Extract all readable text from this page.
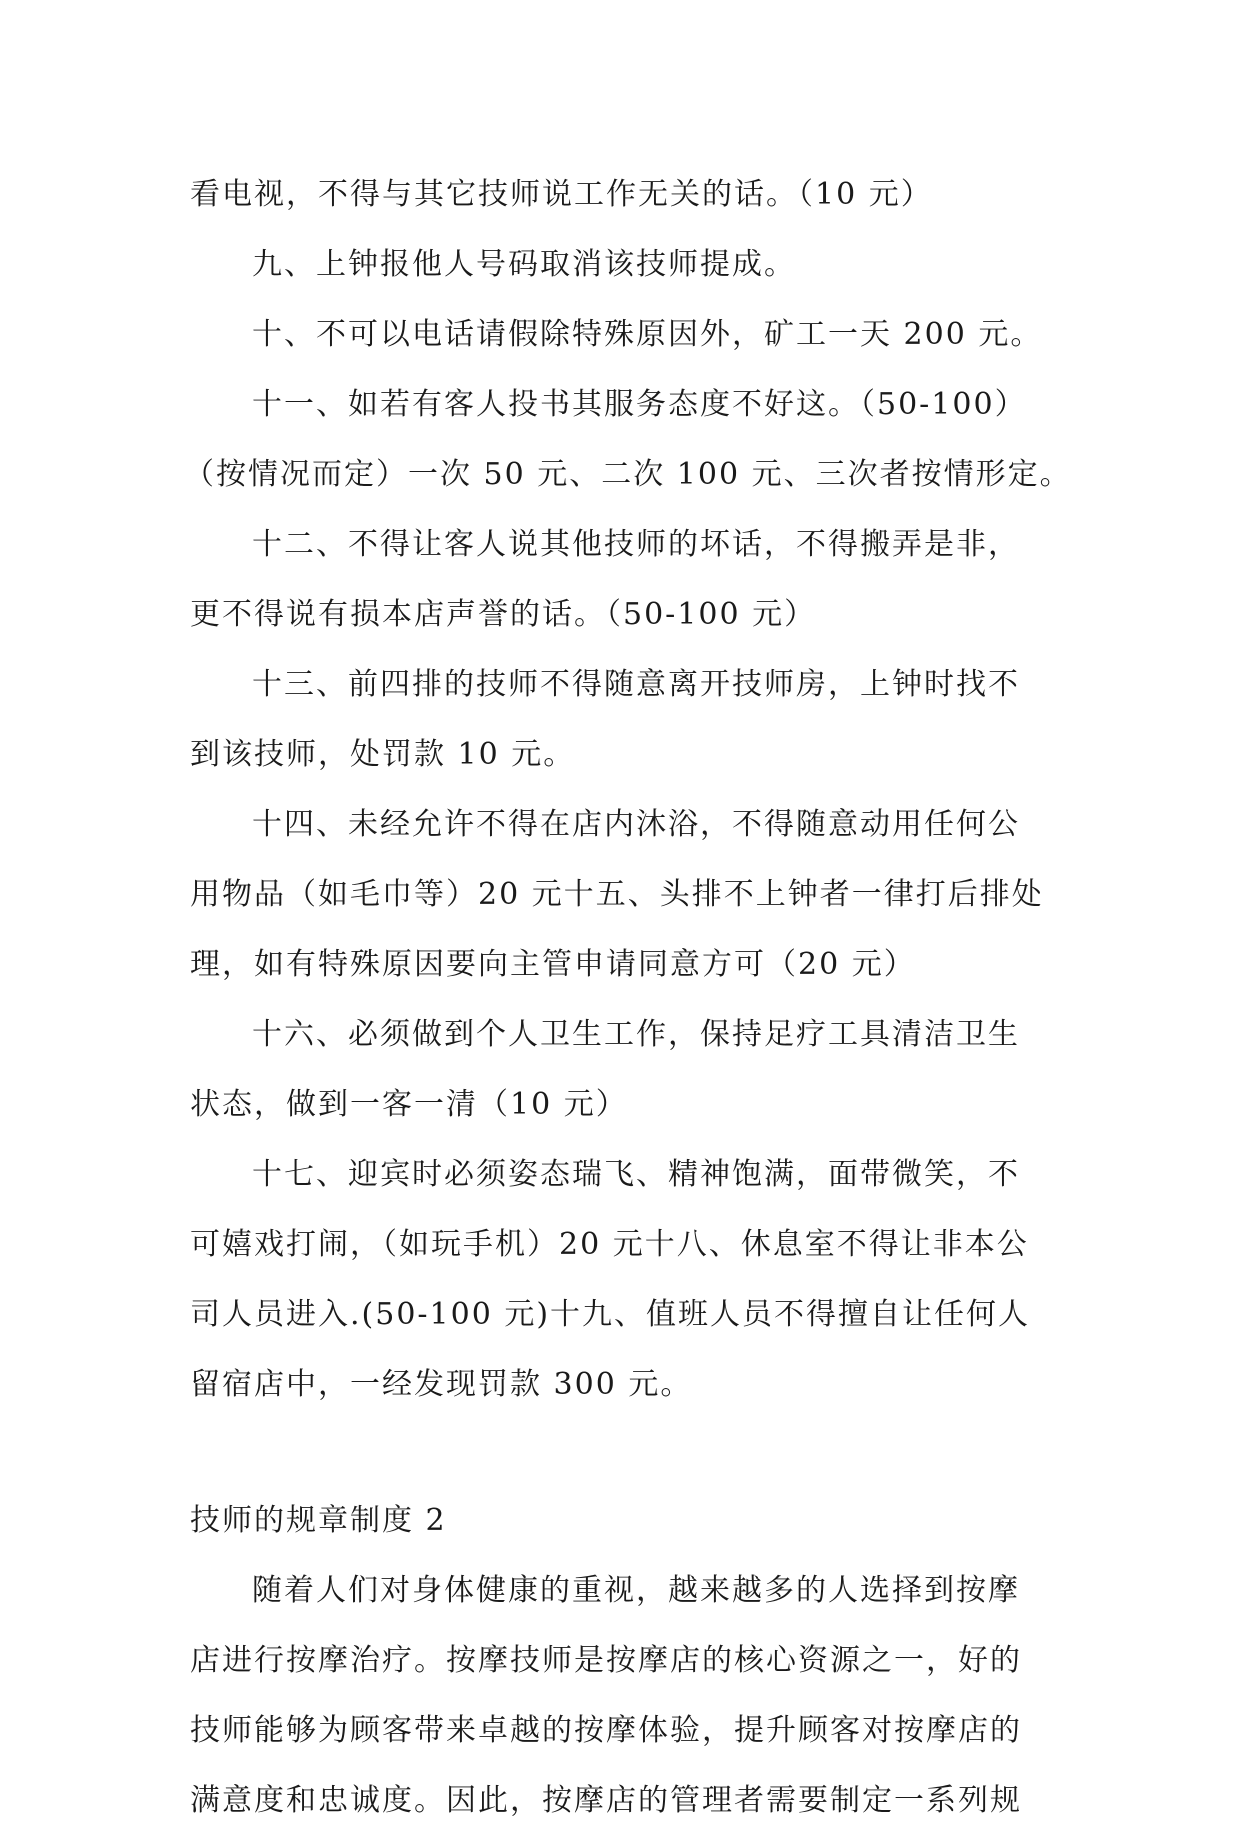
看电视，不得与其它技师说工作无关的话。（10 元）
九、上钟报他人号码取消该技师提成。
十、不可以电话请假除特殊原因外，矿工一天 200 元。
十一、如若有客人投书其服务态度不好这。（50-100）
（按情况而定）一次 50 元、二次 100 元、三次者按情形定。
十二、不得让客人说其他技师的坏话，不得搬弄是非，
更不得说有损本店声誉的话。（50-100 元）
十三、前四排的技师不得随意离开技师房，上钟时找不
到该技师，处罚款 10 元。
十四、未经允许不得在店内沐浴，不得随意动用任何公
用物品（如毛巾等）20 元十五、头排不上钟者一律打后排处
理，如有特殊原因要向主管申请同意方可（20 元）
十六、必须做到个人卫生工作，保持足疗工具清洁卫生
状态，做到一客一清（10 元）
十七、迎宾时必须姿态瑞飞、精神饱满，面带微笑，不
可嬉戏打闹，（如玩手机）20 元十八、休息室不得让非本公
司人员进入.(50-100 元)十九、值班人员不得擅自让任何人
留宿店中，一经发现罚款 300 元。
技师的规章制度 2
随着人们对身体健康的重视，越来越多的人选择到按摩
店进行按摩治疗。按摩技师是按摩店的核心资源之一，好的
技师能够为顾客带来卓越的按摩体验，提升顾客对按摩店的
满意度和忠诚度。因此，按摩店的管理者需要制定一系列规
